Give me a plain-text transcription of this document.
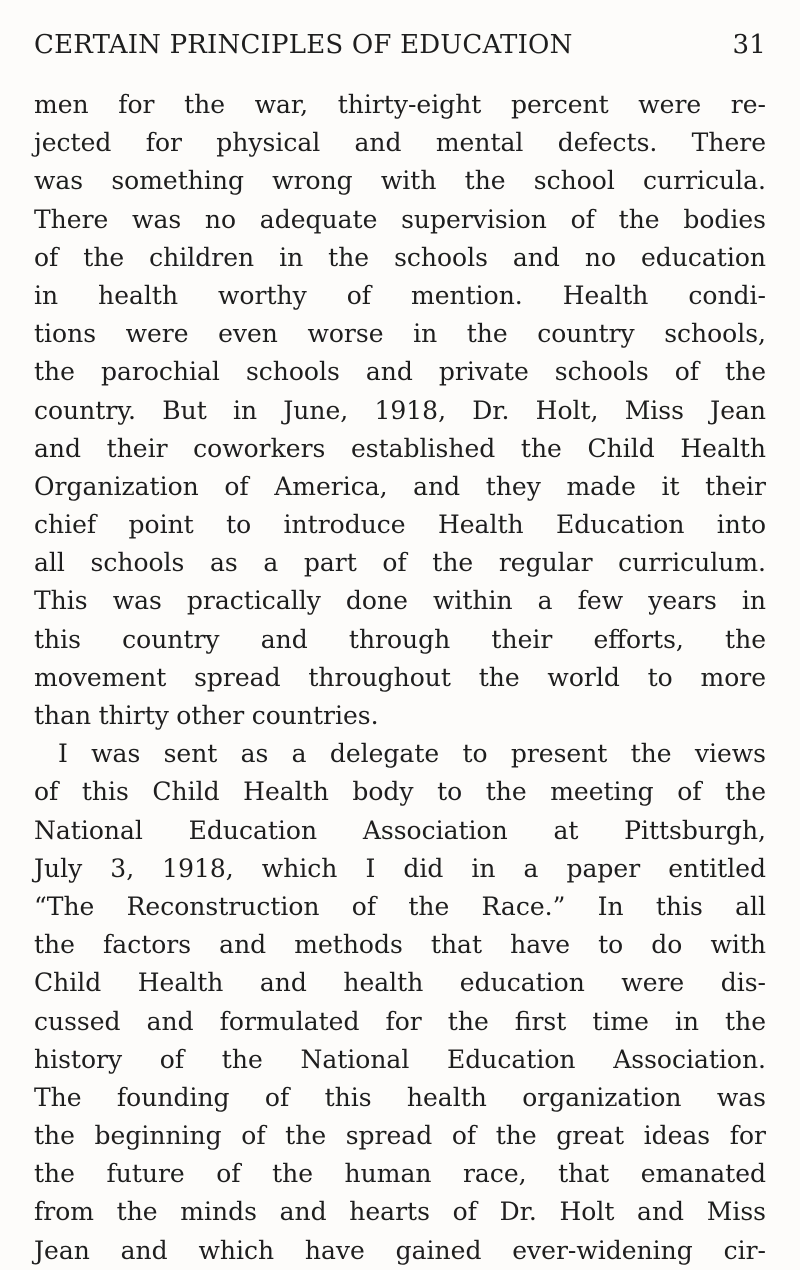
CERTAIN PRINCIPLES OF EDUCATION	31
men for the war, thirty-eight percent were re-
jected for physical and mental defects. There
was something wrong with the school curricula.
There was no adequate supervision of the bodies
of the children in the schools and no education
in health worthy of mention. Health condi-
tions were even worse in the country schools,
the parochial schools and private schools of the
country. But in June, 1918, Dr. Holt, Miss Jean
and their coworkers established the Child Health
Organization of America, and they made it their
chief point to introduce Health Education into
all schools as a part of the regular curriculum.
This was practically done within a few years in
this country and through their efforts, the
movement spread throughout the world to more
than thirty other countries.
I was sent as a delegate to present the views
of this Child Health body to the meeting of the
National Education Association at Pittsburgh,
July 3, 1918, which I did in a paper entitled
“The Reconstruction of the Race.” In this all
the factors and methods that have to do with
Child Health and health education were dis-
cussed and formulated for the first time in the
history of the National Education Association.
The founding of this health organization was
the beginning of the spread of the great ideas for
the future of the human race, that emanated
from the minds and hearts of Dr. Holt and Miss
Jean and which have gained ever-widening cir-
